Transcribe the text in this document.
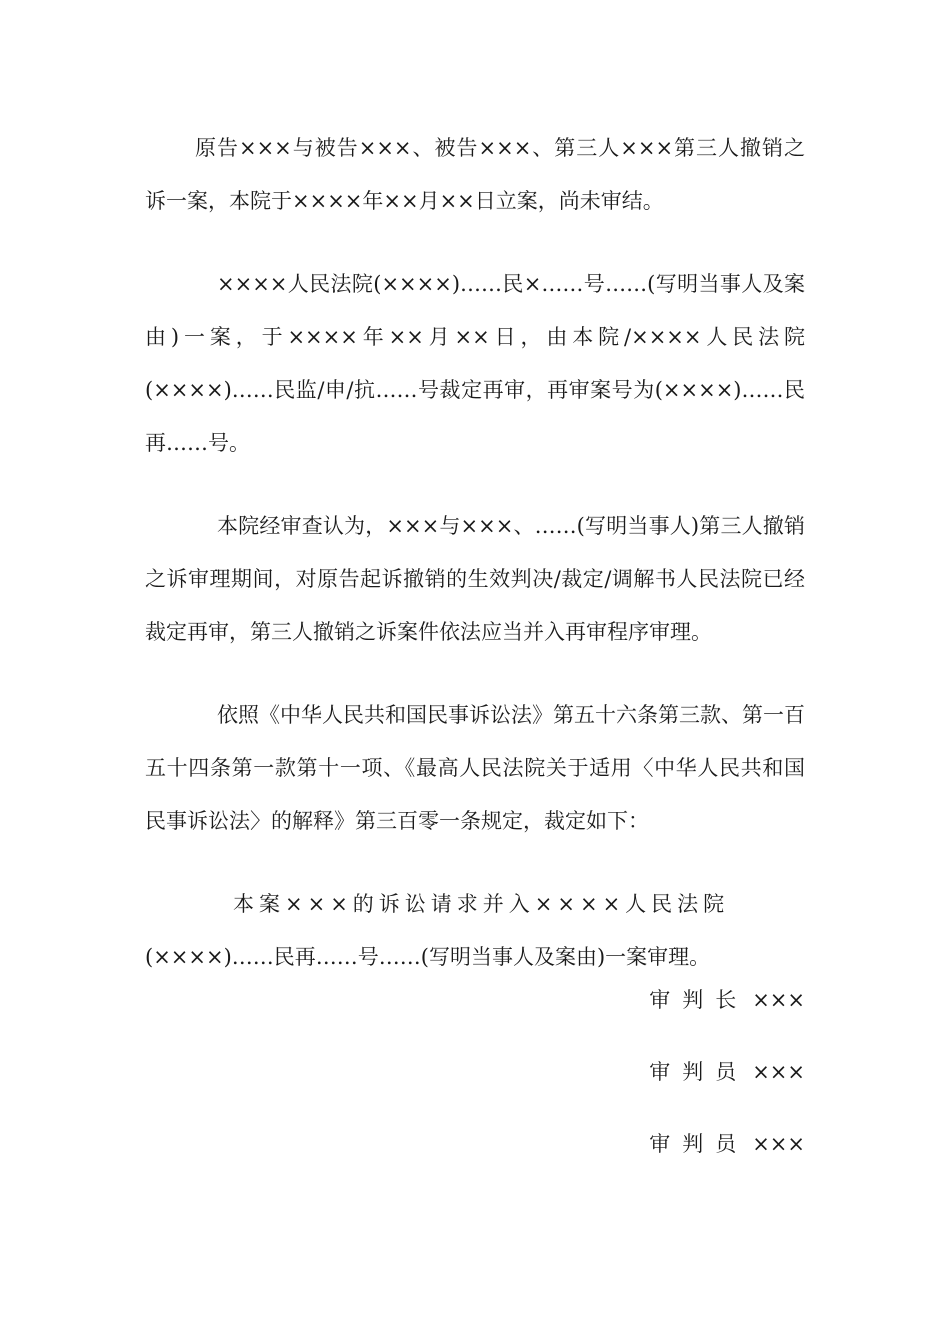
原告×××与被告×××、被告×××、第三人×××第三人撤销之诉一案，本院于××××年××月××日立案，尚未审结。

××××人民法院(××××)……民×……号……(写明当事人及案由)一案，于××××年××月××日，由本院/××××人民法院(××××)……民监/申/抗……号裁定再审，再审案号为(××××)……民再……号。

本院经审查认为，×××与×××、……(写明当事人)第三人撤销之诉审理期间，对原告起诉撤销的生效判决/裁定/调解书人民法院已经裁定再审，第三人撤销之诉案件依法应当并入再审程序审理。

依照《中华人民共和国民事诉讼法》第五十六条第三款、第一百五十四条第一款第十一项、《最高人民法院关于适用〈中华人民共和国民事诉讼法〉的解释》第三百零一条规定，裁定如下：

本案×××的诉讼请求并入××××人民法院
(××××)……民再……号……(写明当事人及案由)一案审理。

审判长 ×××
审判员 ×××
审判员 ×××
